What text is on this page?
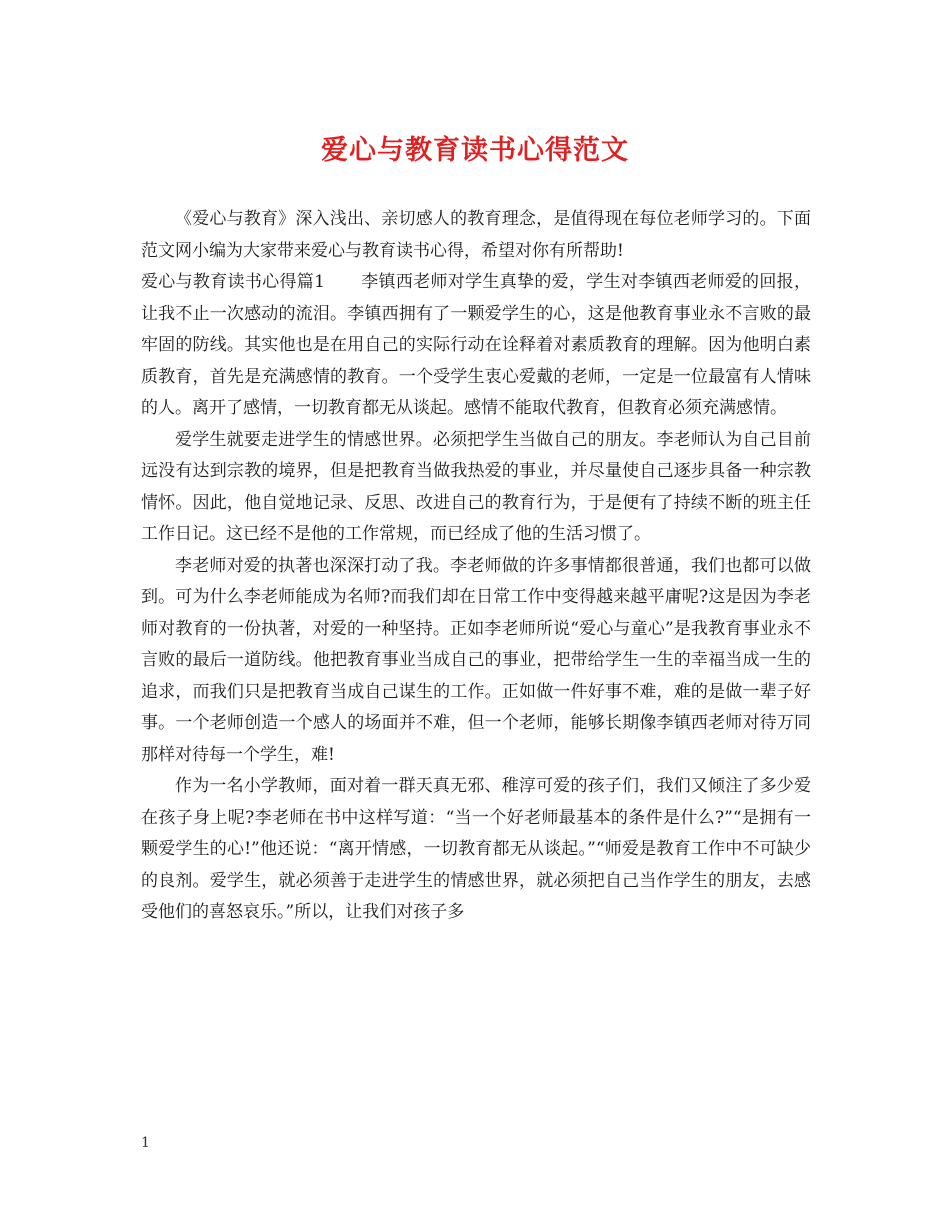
爱心与教育读书心得范文

《爱心与教育》深入浅出、亲切感人的教育理念，是值得现在每位老师学习的。下面范文网小编为大家带来爱心与教育读书心得，希望对你有所帮助!

爱心与教育读书心得篇1 李镇西老师对学生真挚的爱，学生对李镇西老师爱的回报，让我不止一次感动的流泪。李镇西拥有了一颗爱学生的心，这是他教育事业永不言败的最牢固的防线。其实他也是在用自己的实际行动在诠释着对素质教育的理解。因为他明白素质教育，首先是充满感情的教育。一个受学生衷心爱戴的老师，一定是一位最富有人情味的人。离开了感情，一切教育都无从谈起。感情不能取代教育，但教育必须充满感情。

爱学生就要走进学生的情感世界。必须把学生当做自己的朋友。李老师认为自己目前远没有达到宗教的境界，但是把教育当做我热爱的事业，并尽量使自己逐步具备一种宗教情怀。因此，他自觉地记录、反思、改进自己的教育行为，于是便有了持续不断的班主任工作日记。这已经不是他的工作常规，而已经成了他的生活习惯了。

李老师对爱的执著也深深打动了我。李老师做的许多事情都很普通，我们也都可以做到。可为什么李老师能成为名师?而我们却在日常工作中变得越来越平庸呢?这是因为李老师对教育的一份执著，对爱的一种坚持。正如李老师所说“爱心与童心”是我教育事业永不言败的最后一道防线。他把教育事业当成自己的事业，把带给学生一生的幸福当成一生的追求，而我们只是把教育当成自己谋生的工作。正如做一件好事不难，难的是做一辈子好事。一个老师创造一个感人的场面并不难，但一个老师，能够长期像李镇西老师对待万同那样对待每一个学生，难!

作为一名小学教师，面对着一群天真无邪、稚淳可爱的孩子们，我们又倾注了多少爱在孩子身上呢?李老师在书中这样写道：“当一个好老师最基本的条件是什么?”“是拥有一颗爱学生的心!”他还说：“离开情感，一切教育都无从谈起。”“师爱是教育工作中不可缺少的良剂。爱学生，就必须善于走进学生的情感世界，就必须把自己当作学生的朋友，去感受他们的喜怒哀乐。”所以，让我们对孩子多

1
